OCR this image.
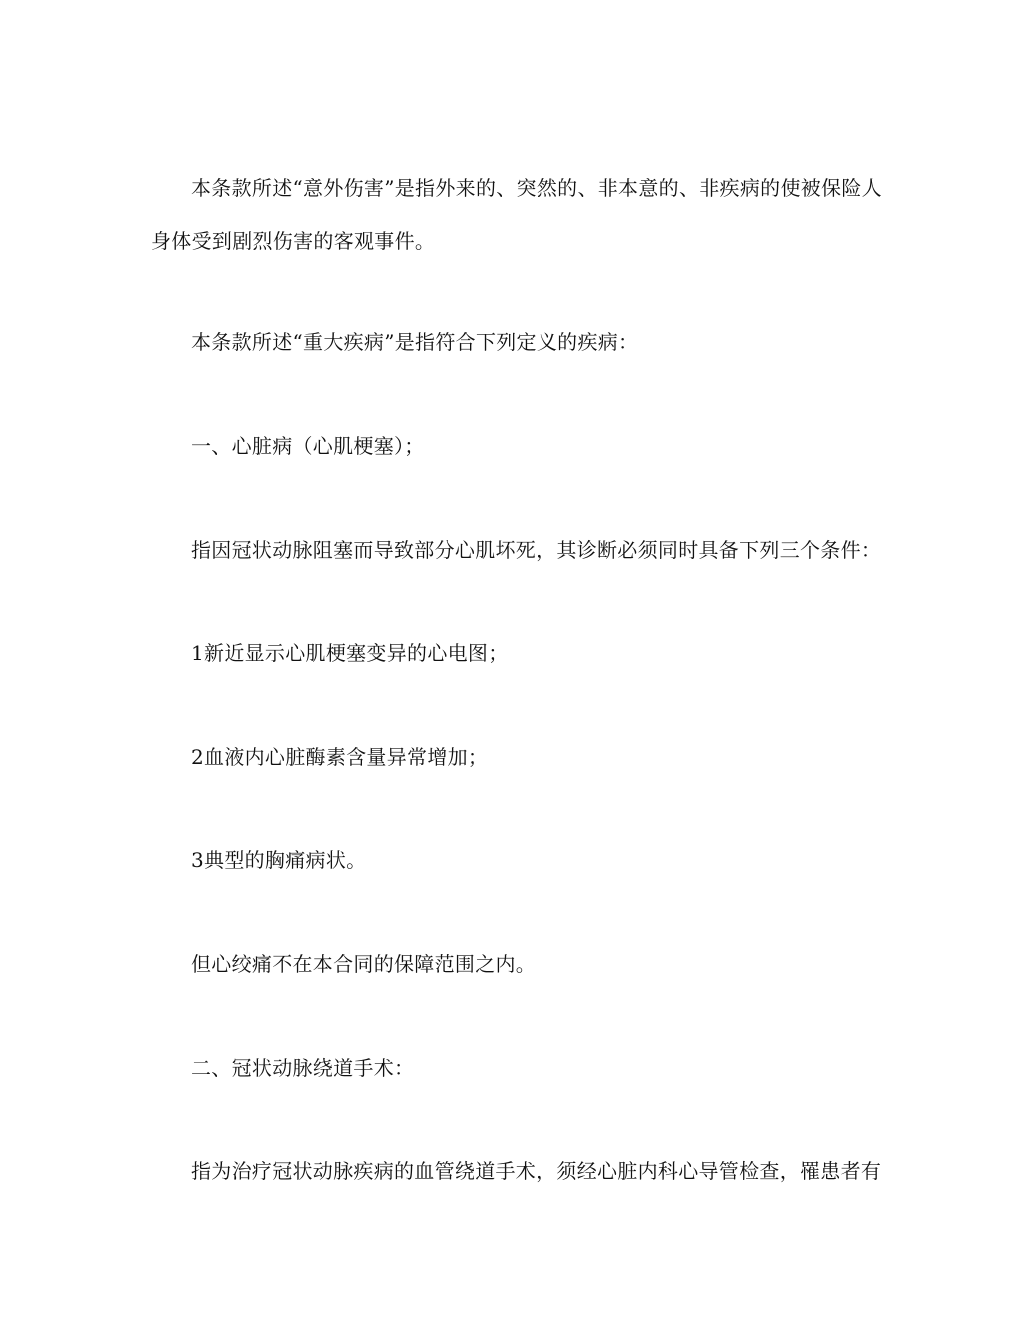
本条款所述“意外伤害”是指外来的、突然的、非本意的、非疾病的使被保险人
身体受到剧烈伤害的客观事件。
本条款所述“重大疾病”是指符合下列定义的疾病：
一、心脏病（心肌梗塞）；
指因冠状动脉阻塞而导致部分心肌坏死，其诊断必须同时具备下列三个条件：
1新近显示心肌梗塞变异的心电图；
2血液内心脏酶素含量异常增加；
3典型的胸痛病状。
但心绞痛不在本合同的保障范围之内。
二、冠状动脉绕道手术：
指为治疗冠状动脉疾病的血管绕道手术，须经心脏内科心导管检查，罹患者有
